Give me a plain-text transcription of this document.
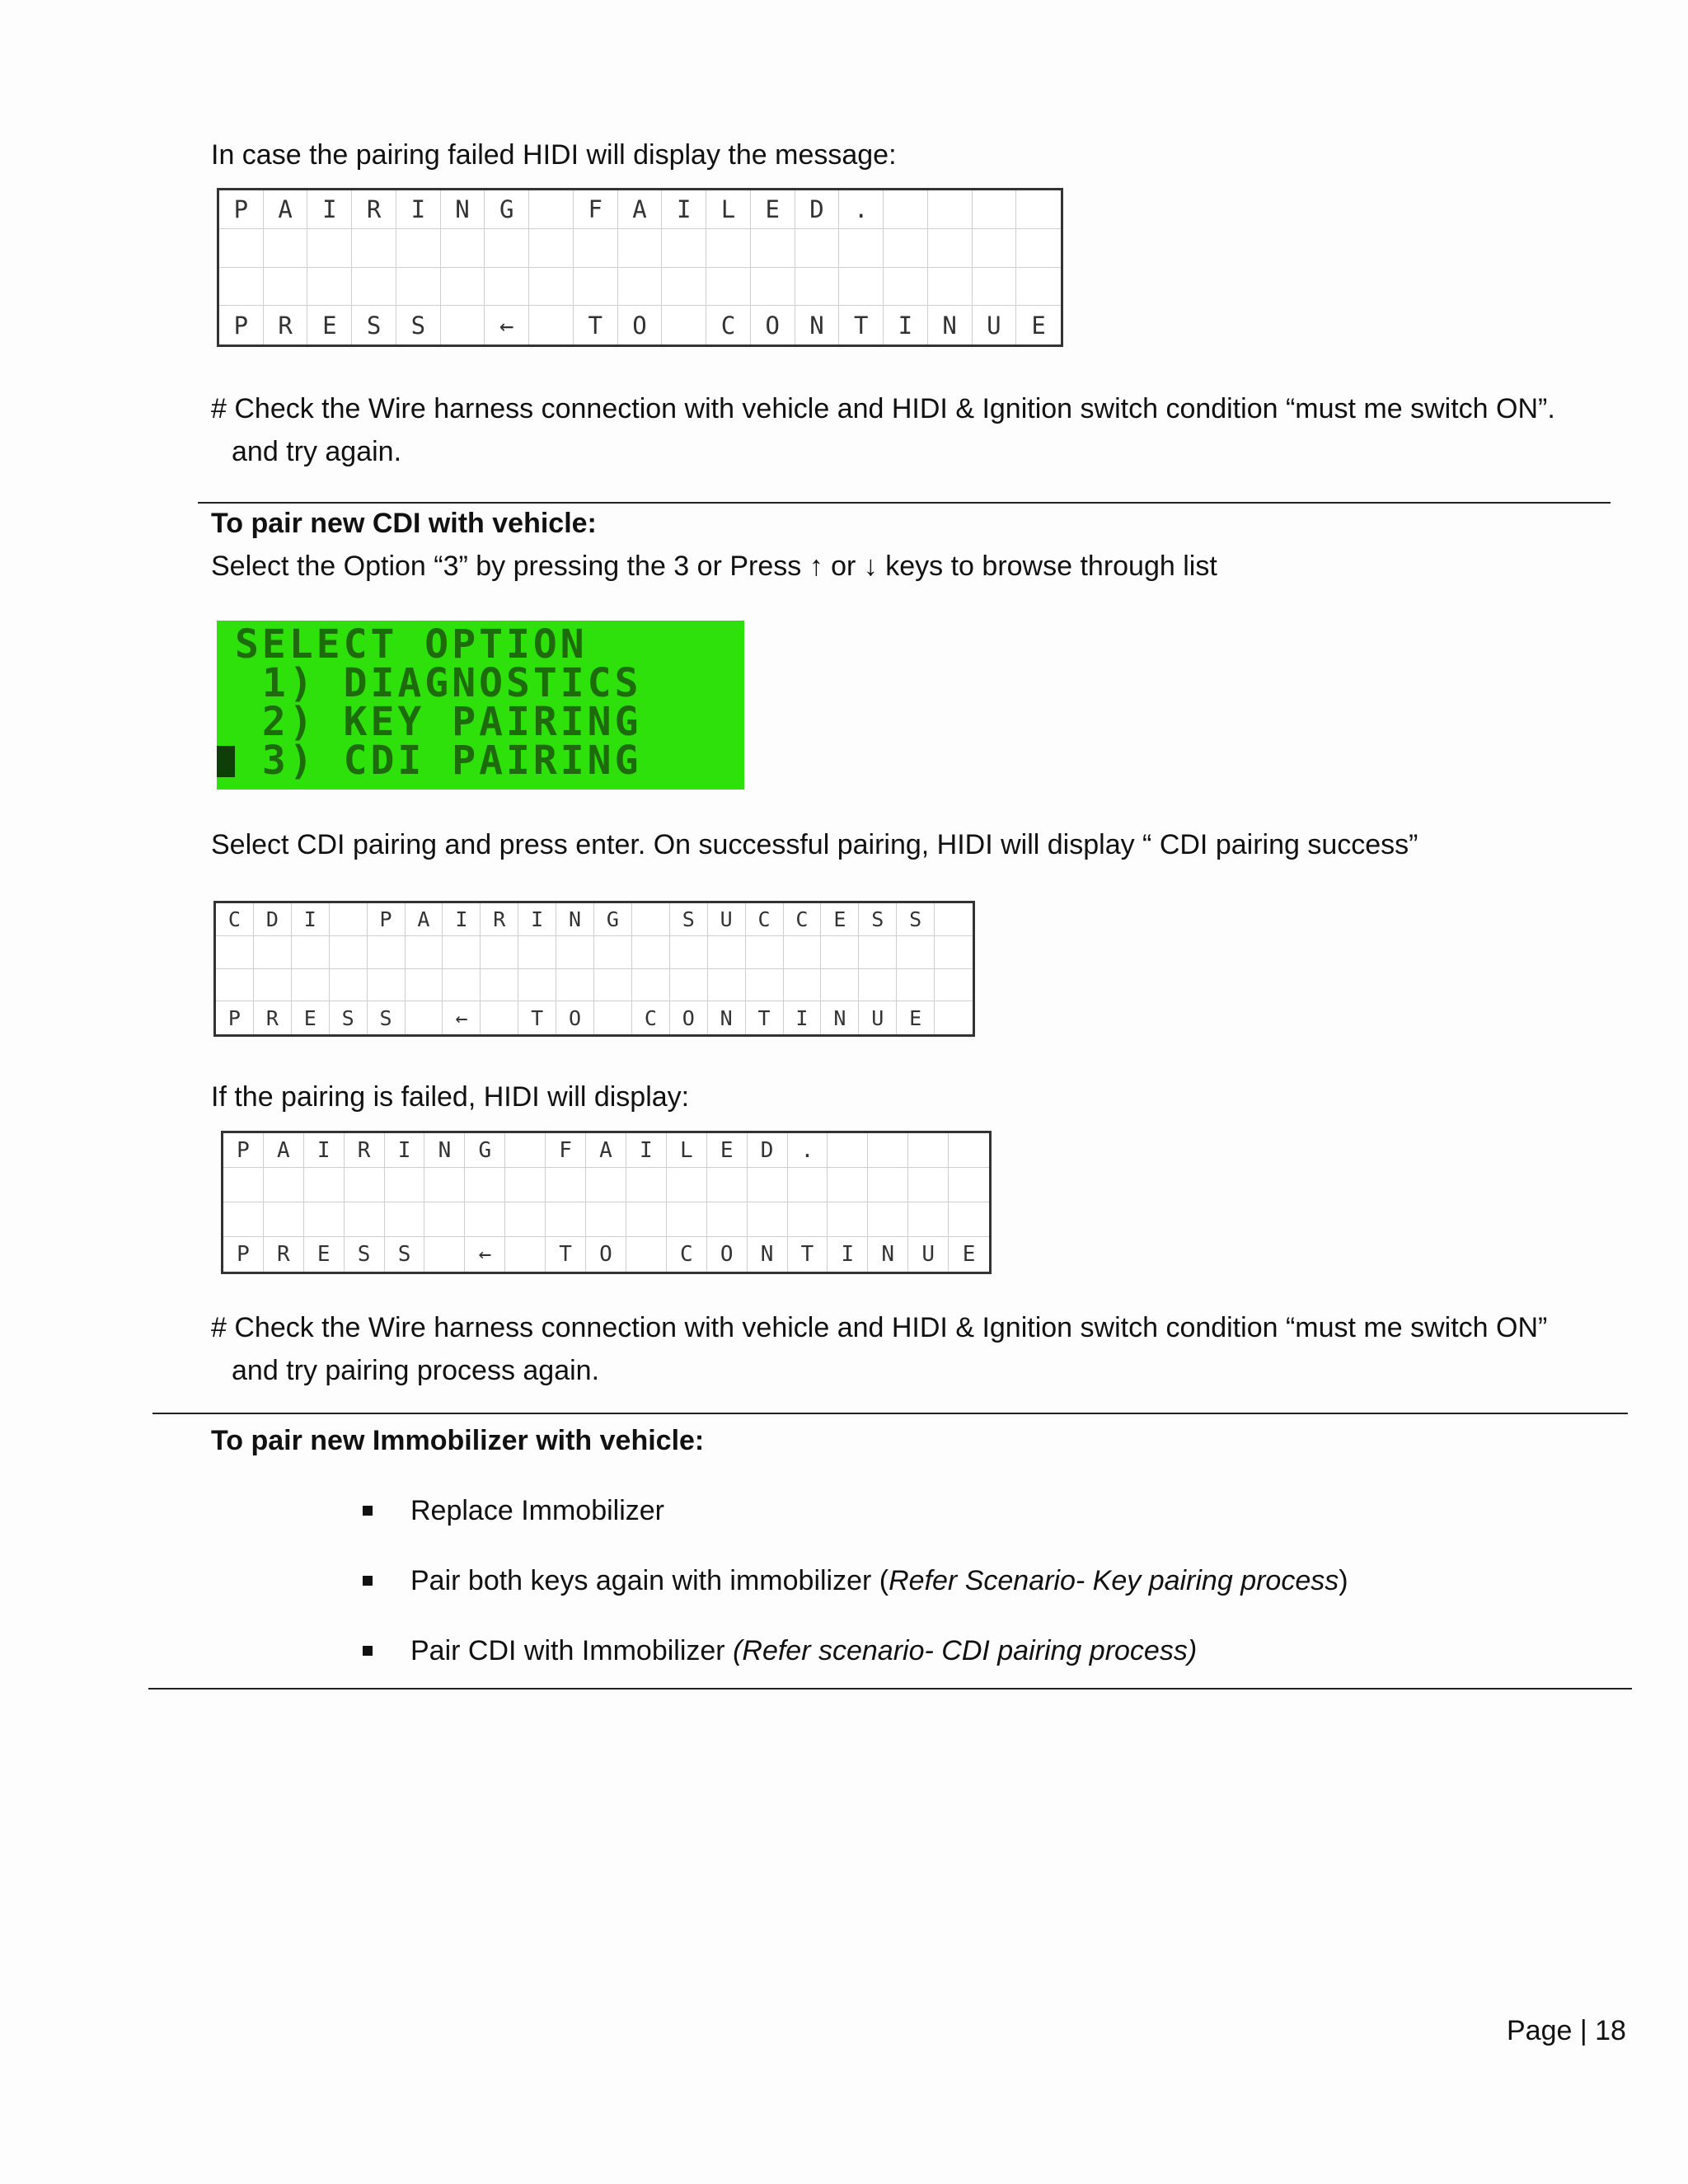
In case the pairing failed HIDI will display the message:
P	A	I	R	I	N	G	F	A	I	L	E	D	.
P	R	E	S	S	←	T	O	C	O	N	T	I	N	U	E
# Check the Wire harness connection with vehicle and HIDI & Ignition switch condition “must me switch ON”.
and try again.
To pair new CDI with vehicle:
Select the Option “3” by pressing the 3 or Press ↑ or ↓ keys to browse through list
SELECT OPTION
1) DIAGNOSTICS
2) KEY PAIRING
3) CDI PAIRING
Select CDI pairing and press enter. On successful pairing, HIDI will display “ CDI pairing success”
C	D	I	P	A	I	R	I	N	G	S	U	C	C	E	S	S
P	R	E	S	S	←	T	O	C	O	N	T	I	N	U	E
If the pairing is failed, HIDI will display:
P	A	I	R	I	N	G	F	A	I	L	E	D	.
P	R	E	S	S	←	T	O	C	O	N	T	I	N	U	E
# Check the Wire harness connection with vehicle and HIDI & Ignition switch condition “must me switch ON”
and try pairing process again.
To pair new Immobilizer with vehicle:
Replace Immobilizer
Pair both keys again with immobilizer (Refer Scenario- Key pairing process)
Pair CDI with Immobilizer (Refer scenario- CDI pairing process)
Page | 18
